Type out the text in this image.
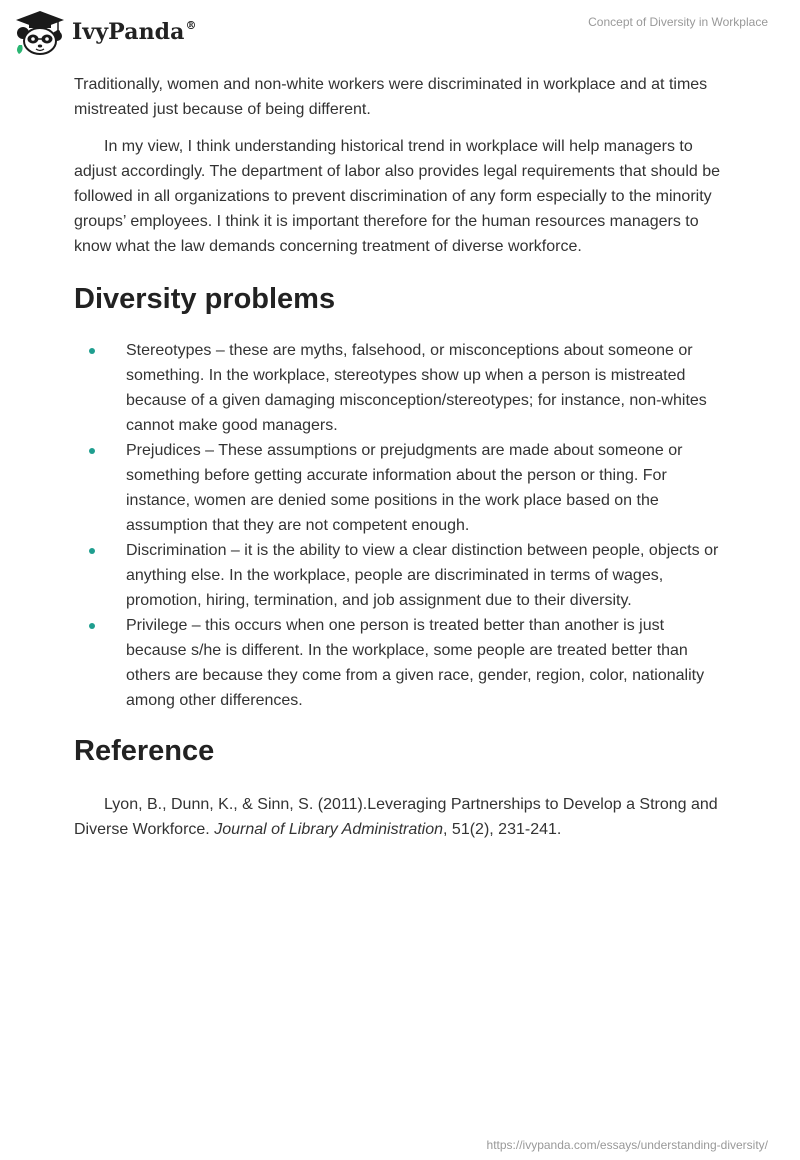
IvyPanda®	Concept of Diversity in Workplace

Traditionally, women and non-white workers were discriminated in workplace and at times mistreated just because of being different.

In my view, I think understanding historical trend in workplace will help managers to adjust accordingly. The department of labor also provides legal requirements that should be followed in all organizations to prevent discrimination of any form especially to the minority groups’ employees. I think it is important therefore for the human resources managers to know what the law demands concerning treatment of diverse workforce.

Diversity problems
Stereotypes – these are myths, falsehood, or misconceptions about someone or something. In the workplace, stereotypes show up when a person is mistreated because of a given damaging misconception/stereotypes; for instance, non-whites cannot make good managers.
Prejudices – These assumptions or prejudgments are made about someone or something before getting accurate information about the person or thing. For instance, women are denied some positions in the work place based on the assumption that they are not competent enough.
Discrimination – it is the ability to view a clear distinction between people, objects or anything else. In the workplace, people are discriminated in terms of wages, promotion, hiring, termination, and job assignment due to their diversity.
Privilege – this occurs when one person is treated better than another is just because s/he is different. In the workplace, some people are treated better than others are because they come from a given race, gender, region, color, nationality among other differences.
Reference

Lyon, B., Dunn, K., & Sinn, S. (2011).Leveraging Partnerships to Develop a Strong and Diverse Workforce. Journal of Library Administration, 51(2), 231-241.

https://ivypanda.com/essays/understanding-diversity/
